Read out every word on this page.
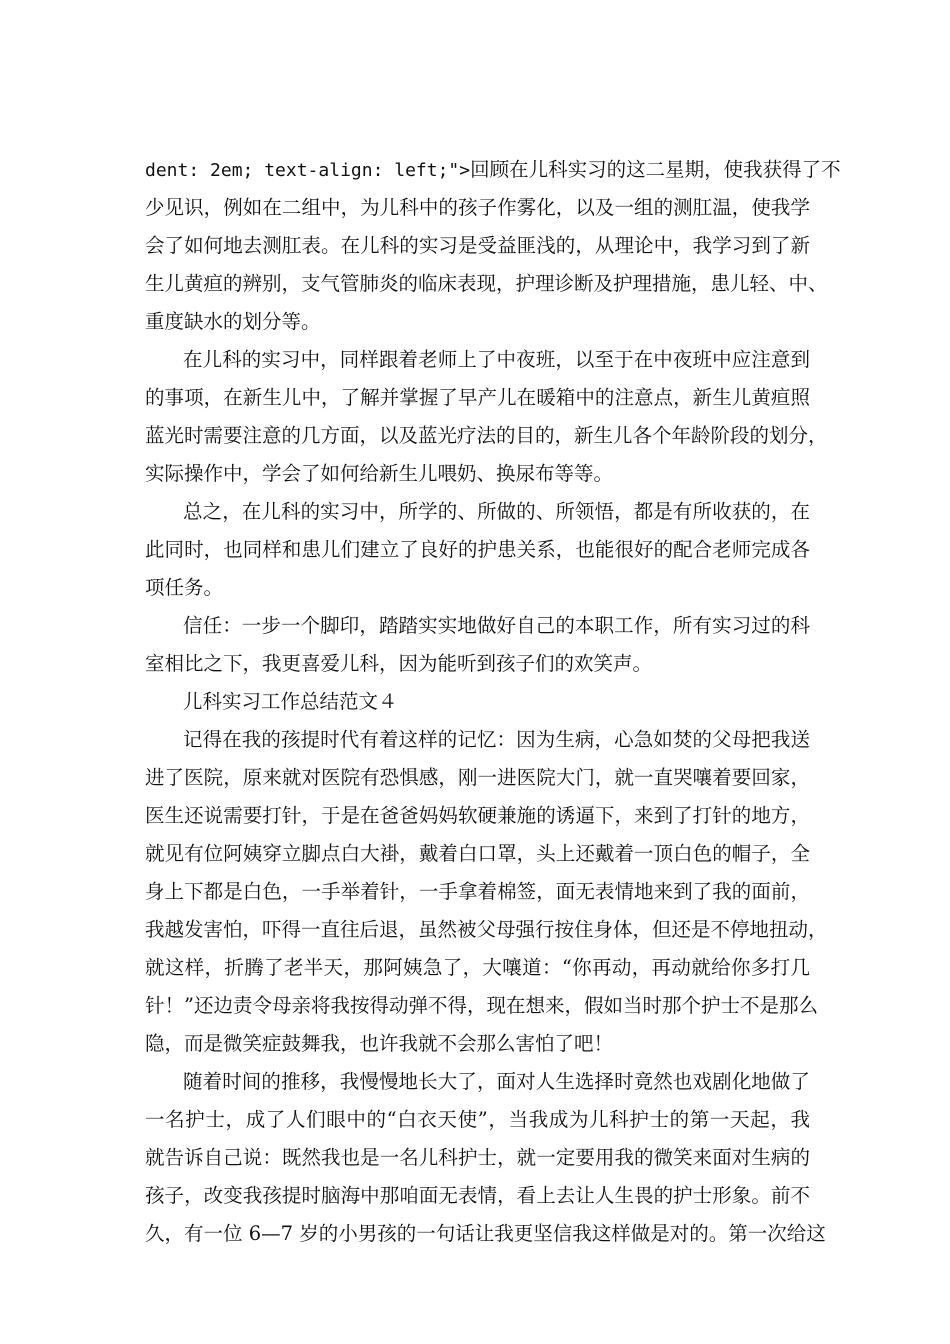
dent: 2em; text-align: left;">回顾在儿科实习的这二星期，使我获得了不
少见识，例如在二组中，为儿科中的孩子作雾化，以及一组的测肛温，使我学
会了如何地去测肛表。在儿科的实习是受益匪浅的，从理论中，我学习到了新
生儿黄疸的辨别，支气管肺炎的临床表现，护理诊断及护理措施，患儿轻、中、
重度缺水的划分等。
在儿科的实习中，同样跟着老师上了中夜班，以至于在中夜班中应注意到
的事项，在新生儿中，了解并掌握了早产儿在暖箱中的注意点，新生儿黄疸照
蓝光时需要注意的几方面，以及蓝光疗法的目的，新生儿各个年龄阶段的划分，
实际操作中，学会了如何给新生儿喂奶、换尿布等等。
总之，在儿科的实习中，所学的、所做的、所领悟，都是有所收获的，在
此同时，也同样和患儿们建立了良好的护患关系，也能很好的配合老师完成各
项任务。
信任：一步一个脚印，踏踏实实地做好自己的本职工作，所有实习过的科
室相比之下，我更喜爱儿科，因为能听到孩子们的欢笑声。
儿科实习工作总结范文４
记得在我的孩提时代有着这样的记忆：因为生病，心急如焚的父母把我送
进了医院，原来就对医院有恐惧感，刚一进医院大门，就一直哭嚷着要回家，
医生还说需要打针，于是在爸爸妈妈软硬兼施的诱逼下，来到了打针的地方，
就见有位阿姨穿立脚点白大褂，戴着白口罩，头上还戴着一顶白色的帽子，全
身上下都是白色，一手举着针，一手拿着棉签，面无表情地来到了我的面前，
我越发害怕，吓得一直往后退，虽然被父母强行按住身体，但还是不停地扭动，
就这样，折腾了老半天，那阿姨急了，大嚷道：“你再动，再动就给你多打几
针！”还边责令母亲将我按得动弹不得，现在想来，假如当时那个护士不是那么
隐，而是微笑症鼓舞我，也许我就不会那么害怕了吧！
随着时间的推移，我慢慢地长大了，面对人生选择时竟然也戏剧化地做了
一名护士，成了人们眼中的“白衣天使”，当我成为儿科护士的第一天起，我
就告诉自己说：既然我也是一名儿科护士，就一定要用我的微笑来面对生病的
孩子，改变我孩提时脑海中那咱面无表情，看上去让人生畏的护士形象。前不
久，有一位 6—7 岁的小男孩的一句话让我更坚信我这样做是对的。第一次给这
